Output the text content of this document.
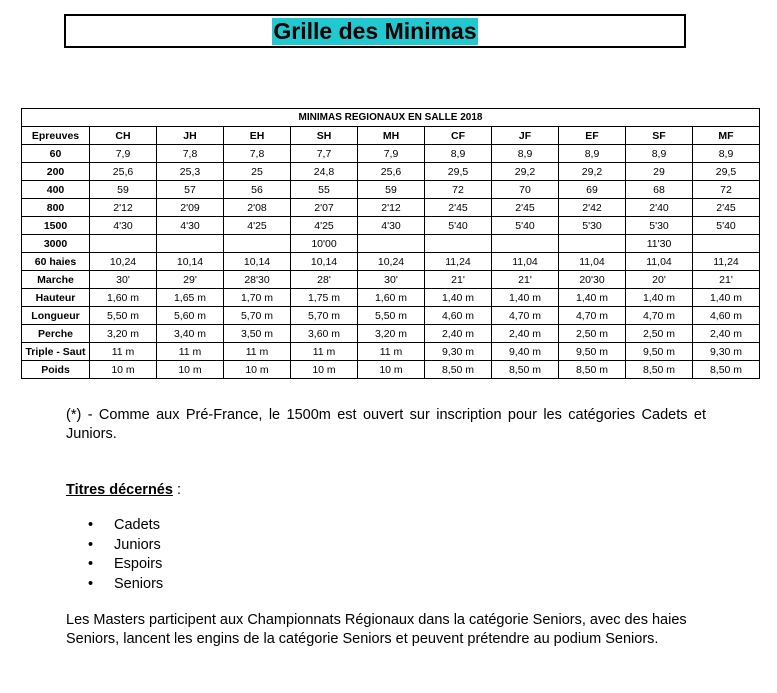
Grille des Minimas
MINIMAS REGIONAUX EN SALLE 2018										
Epreuves	CH	JH	EH	SH	MH	CF	JF	EF	SF	MF
60	7,9	7,8	7,8	7,7	7,9	8,9	8,9	8,9	8,9	8,9
200	25,6	25,3	25	24,8	25,6	29,5	29,2	29,2	29	29,5
400	59	57	56	55	59	72	70	69	68	72
800	2'12	2'09	2'08	2'07	2'12	2'45	2'45	2'42	2'40	2'45
1500	4'30	4'30	4'25	4'25	4'30	5'40	5'40	5'30	5'30	5'40
3000				10'00					11'30	
60 haies	10,24	10,14	10,14	10,14	10,24	11,24	11,04	11,04	11,04	11,24
Marche	30'	29'	28'30	28'	30'	21'	21'	20'30	20'	21'
Hauteur	1,60 m	1,65 m	1,70 m	1,75 m	1,60 m	1,40 m	1,40 m	1,40 m	1,40 m	1,40 m
Longueur	5,50 m	5,60 m	5,70 m	5,70 m	5,50 m	4,60 m	4,70 m	4,70 m	4,70 m	4,60 m
Perche	3,20 m	3,40 m	3,50 m	3,60 m	3,20 m	2,40 m	2,40 m	2,50 m	2,50 m	2,40 m
Triple - Saut	11 m	11 m	11 m	11 m	11 m	9,30 m	9,40 m	9,50 m	9,50 m	9,30 m
Poids	10 m	10 m	10 m	10 m	10 m	8,50 m	8,50 m	8,50 m	8,50 m	8,50 m
(*) - Comme aux Pré-France, le 1500m est ouvert sur inscription pour les catégories Cadets et Juniors.
Titres décernés :
• Cadets
• Juniors
• Espoirs
• Seniors
Les Masters participent aux Championnats Régionaux dans la catégorie Seniors, avec des haies Seniors, lancent les engins de la catégorie Seniors et peuvent prétendre au podium Seniors.
